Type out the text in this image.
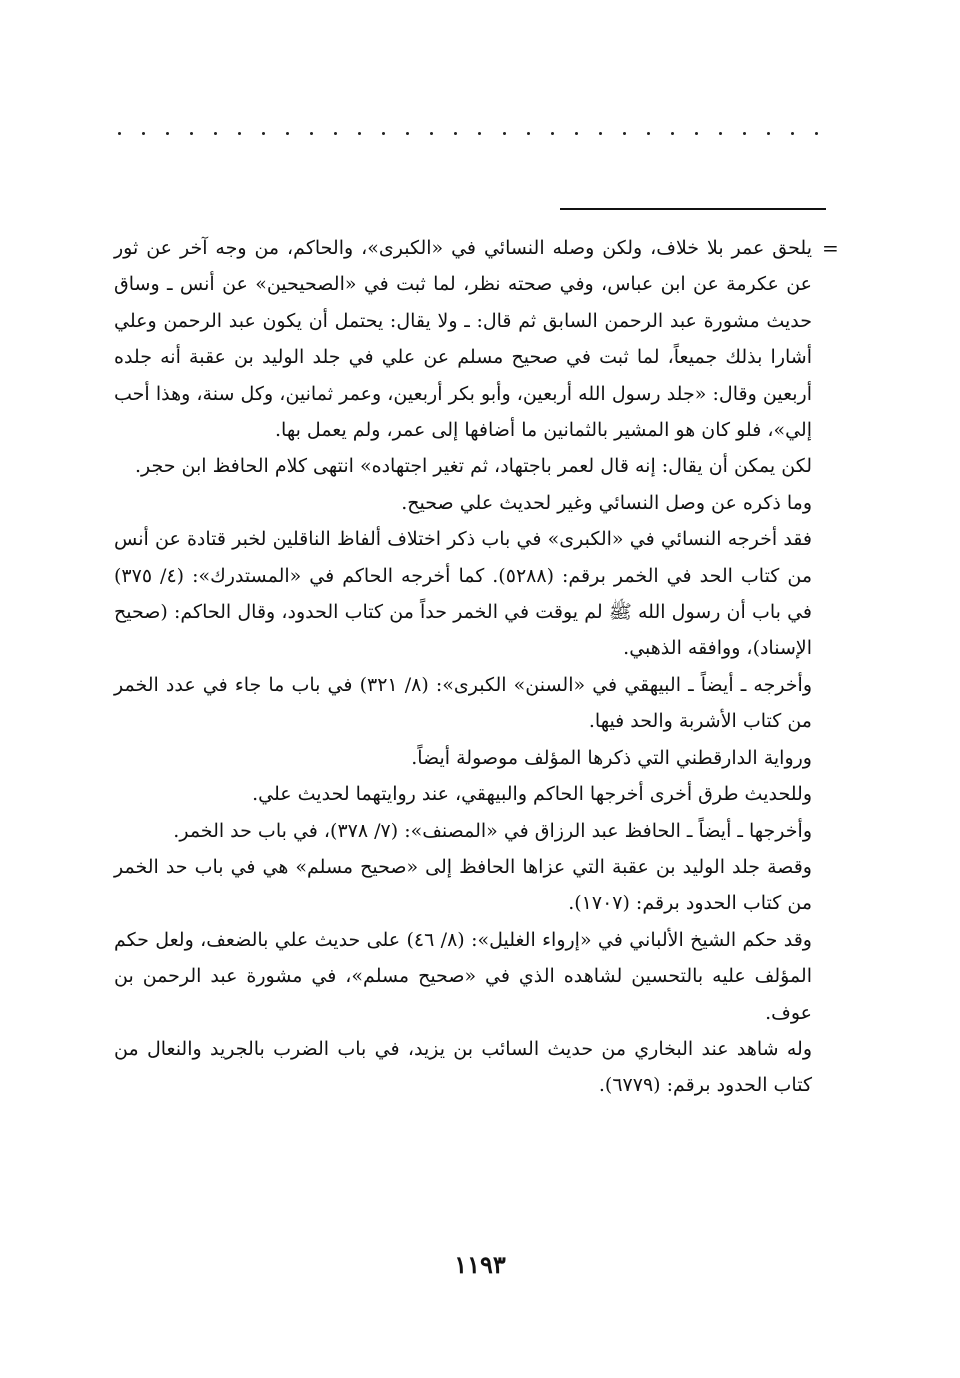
=

يلحق عمر بلا خلاف، ولكن وصله النسائي في «الكبرى»، والحاكم، من وجه آخر عن ثور عن عكرمة عن ابن عباس، وفي صحته نظر، لما ثبت في «الصحيحين» عن أنس ـ وساق حديث مشورة عبد الرحمن السابق ثم قال: ـ ولا يقال: يحتمل أن يكون عبد الرحمن وعلي أشارا بذلك جميعاً، لما ثبت في صحيح مسلم عن علي في جلد الوليد بن عقبة أنه جلده أربعين وقال: «جلد رسول الله أربعين، وأبو بكر أربعين، وعمر ثمانين، وكل سنة، وهذا أحب إلي»، فلو كان هو المشير بالثمانين ما أضافها إلى عمر، ولم يعمل بها.

لكن يمكن أن يقال: إنه قال لعمر باجتهاد، ثم تغير اجتهاده» انتهى كلام الحافظ ابن حجر.

وما ذكره عن وصل النسائي وغير لحديث علي صحيح.

فقد أخرجه النسائي في «الكبرى» في باب ذكر اختلاف ألفاظ الناقلين لخبر قتادة عن أنس من كتاب الحد في الخمر برقم: (٥٢٨٨). كما أخرجه الحاكم في «المستدرك»: (٤/ ٣٧٥) في باب أن رسول الله ﷺ لم يوقت في الخمر حداً من كتاب الحدود، وقال الحاكم: (صحيح الإسناد)، ووافقه الذهبي.

وأخرجه ـ أيضاً ـ البيهقي في «السنن» الكبرى»: (٨/ ٣٢١) في باب ما جاء في عدد الخمر من كتاب الأشربة والحد فيها.

ورواية الدارقطني التي ذكرها المؤلف موصولة أيضاً.

وللحديث طرق أخرى أخرجها الحاكم والبيهقي، عند روايتهما لحديث علي.

وأخرجها ـ أيضاً ـ الحافظ عبد الرزاق في «المصنف»: (٧/ ٣٧٨)، في باب حد الخمر.

وقصة جلد الوليد بن عقبة التي عزاها الحافظ إلى «صحيح مسلم» هي في باب حد الخمر من كتاب الحدود برقم: (١٧٠٧).

وقد حكم الشيخ الألباني في «إرواء الغليل»: (٨/ ٤٦) على حديث علي بالضعف، ولعل حكم المؤلف عليه بالتحسين لشاهده الذي في «صحيح مسلم»، في مشورة عبد الرحمن بن عوف.

وله شاهد عند البخاري من حديث السائب بن يزيد، في باب الضرب بالجريد والنعال من كتاب الحدود برقم: (٦٧٧٩).

١١٩٣
